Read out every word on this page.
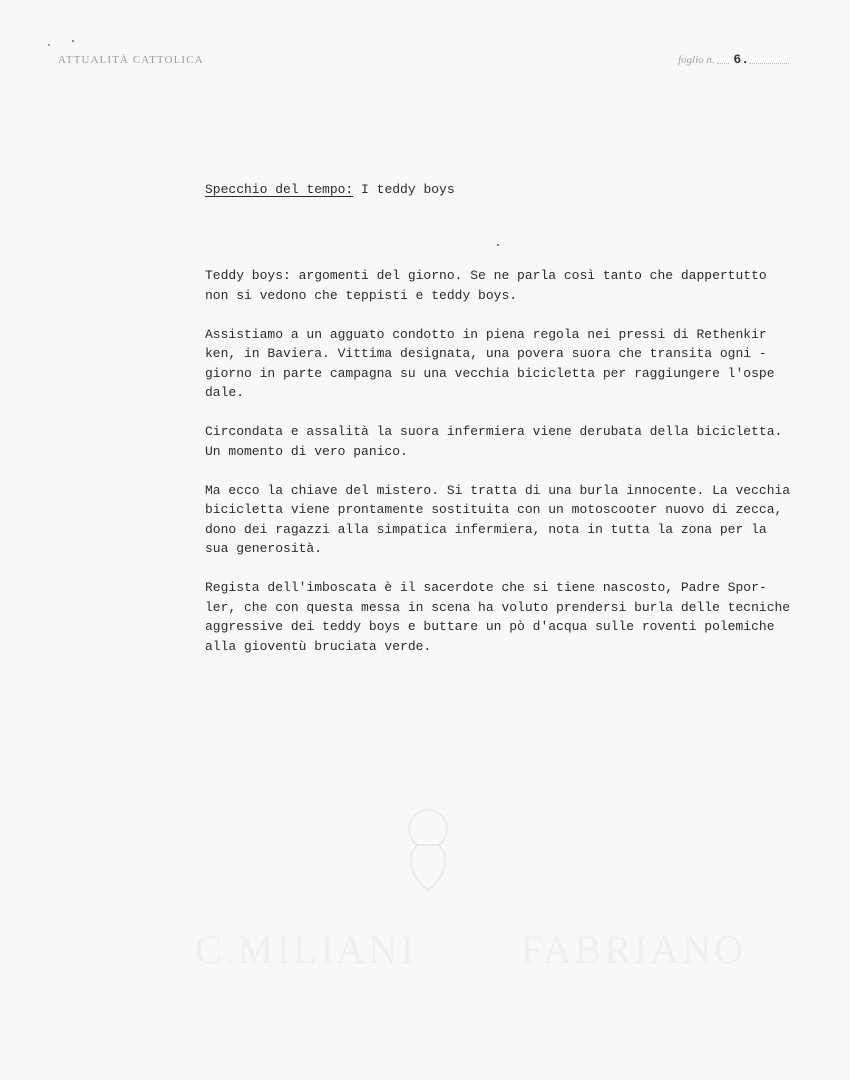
ATTUALITÀ CATTOLICA	foglio n. 6.
Specchio del tempo: I teddy boys

Teddy boys: argomenti del giorno. Se ne parla così tanto che dappertutto
non si vedono che teppisti e teddy boys.

Assistiamo a un agguato condotto in piena regola nei pressi di Rethenkir
ken, in Baviera. Vittima designata, una povera suora che transita ogni -
giorno in parte campagna su una vecchia bicicletta per raggiungere l'ospe
dale.

Circondata e assalità la suora infermiera viene derubata della bicicletta.
Un momento di vero panico.

Ma ecco la chiave del mistero. Si tratta di una burla innocente. La vecchia
bicicletta viene prontamente sostituita con un motoscooter nuovo di zecca,
dono dei ragazzi alla simpatica infermiera, nota in tutta la zona per la
sua generosità.

Regista dell'imboscata è il sacerdote che si tiene nascosto, Padre Spor-
ler, che con questa messa in scena ha voluto prendersi burla delle tecniche
aggressive dei teddy boys e buttare un pò d'acqua sulle roventi polemiche
alla gioventù bruciata verde.

C.MILIANI        FABRIANO
